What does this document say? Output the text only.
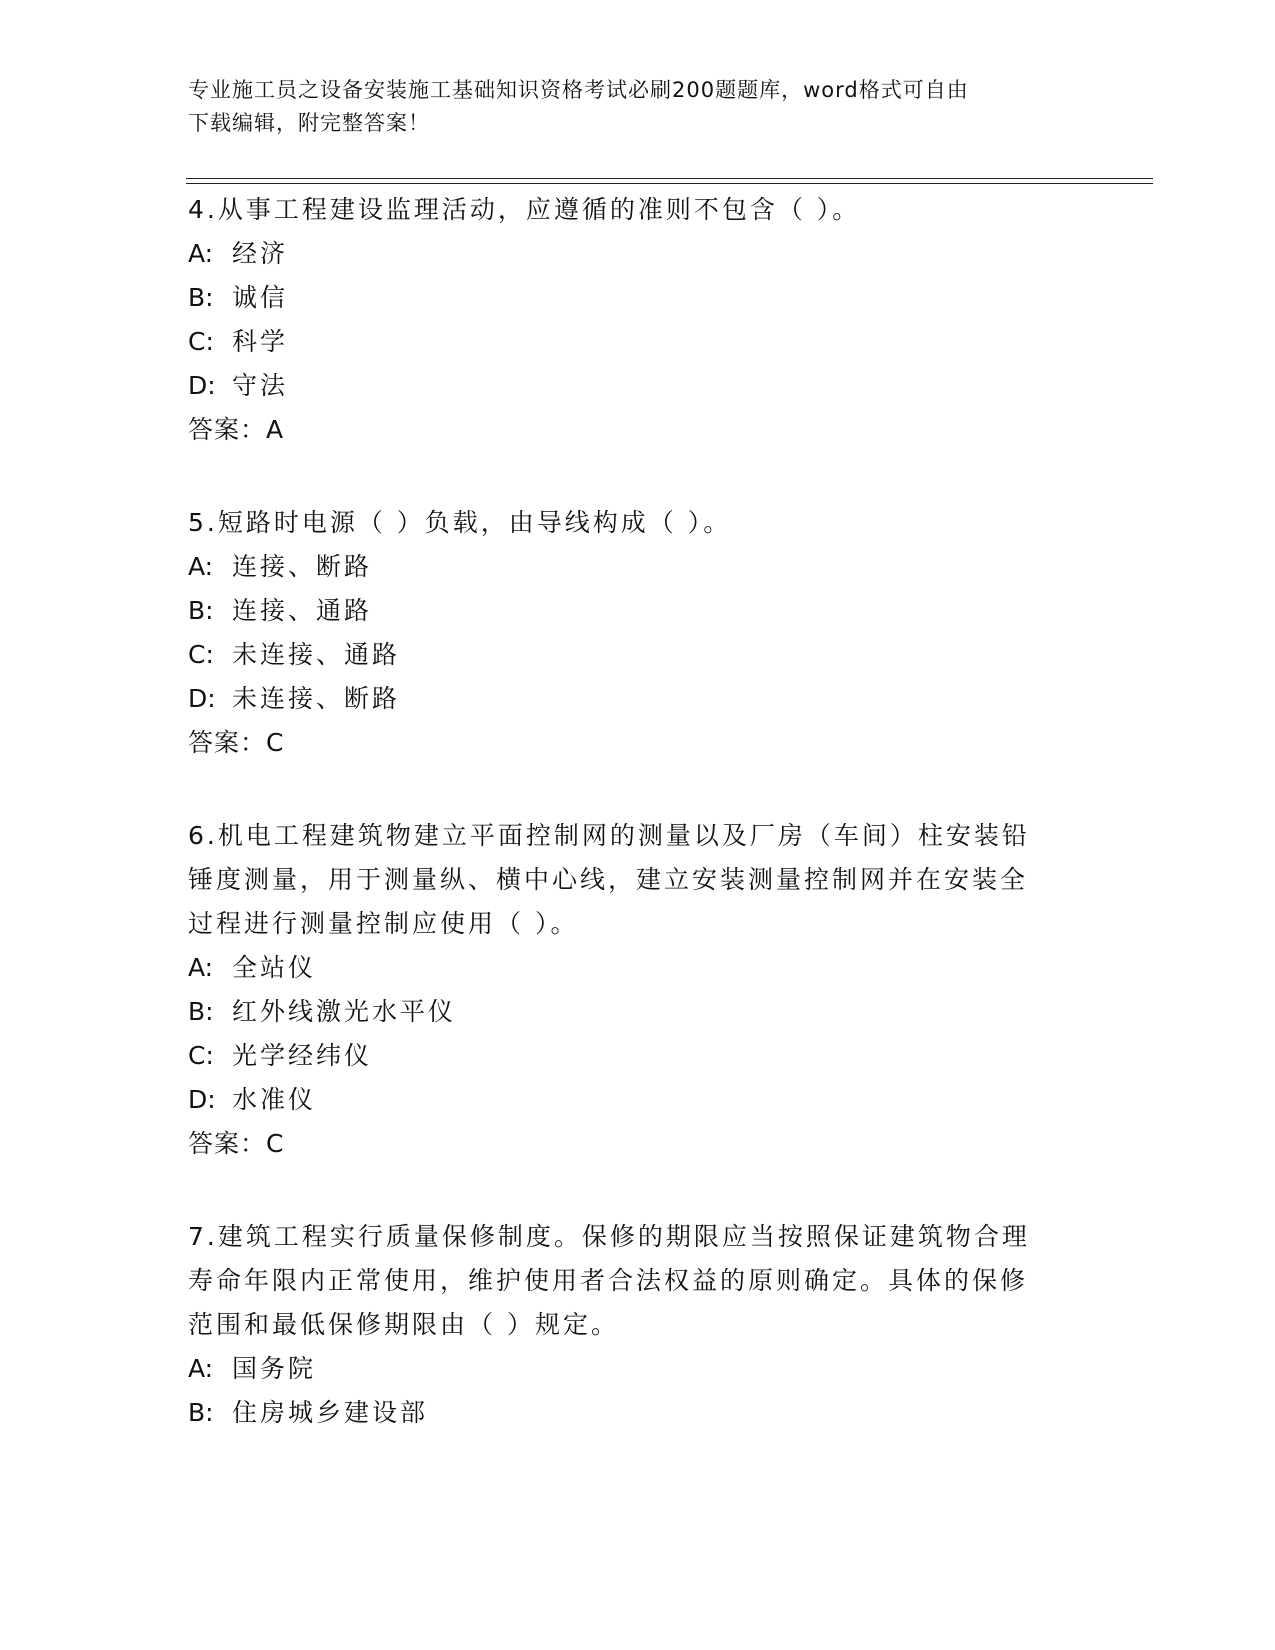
专业施工员之设备安装施工基础知识资格考试必刷200题题库，word格式可自由
下载编辑，附完整答案！
4.从事工程建设监理活动，应遵循的准则不包含（ ）。
A: 经济
B: 诚信
C: 科学
D: 守法
答案：A
5.短路时电源（ ）负载，由导线构成（ ）。
A: 连接、断路
B: 连接、通路
C: 未连接、通路
D: 未连接、断路
答案：C
6.机电工程建筑物建立平面控制网的测量以及厂房（车间）柱安装铅
锤度测量，用于测量纵、横中心线，建立安装测量控制网并在安装全
过程进行测量控制应使用（ ）。
A: 全站仪
B: 红外线激光水平仪
C: 光学经纬仪
D: 水准仪
答案：C
7.建筑工程实行质量保修制度。保修的期限应当按照保证建筑物合理
寿命年限内正常使用，维护使用者合法权益的原则确定。具体的保修
范围和最低保修期限由（ ）规定。
A: 国务院
B: 住房城乡建设部
